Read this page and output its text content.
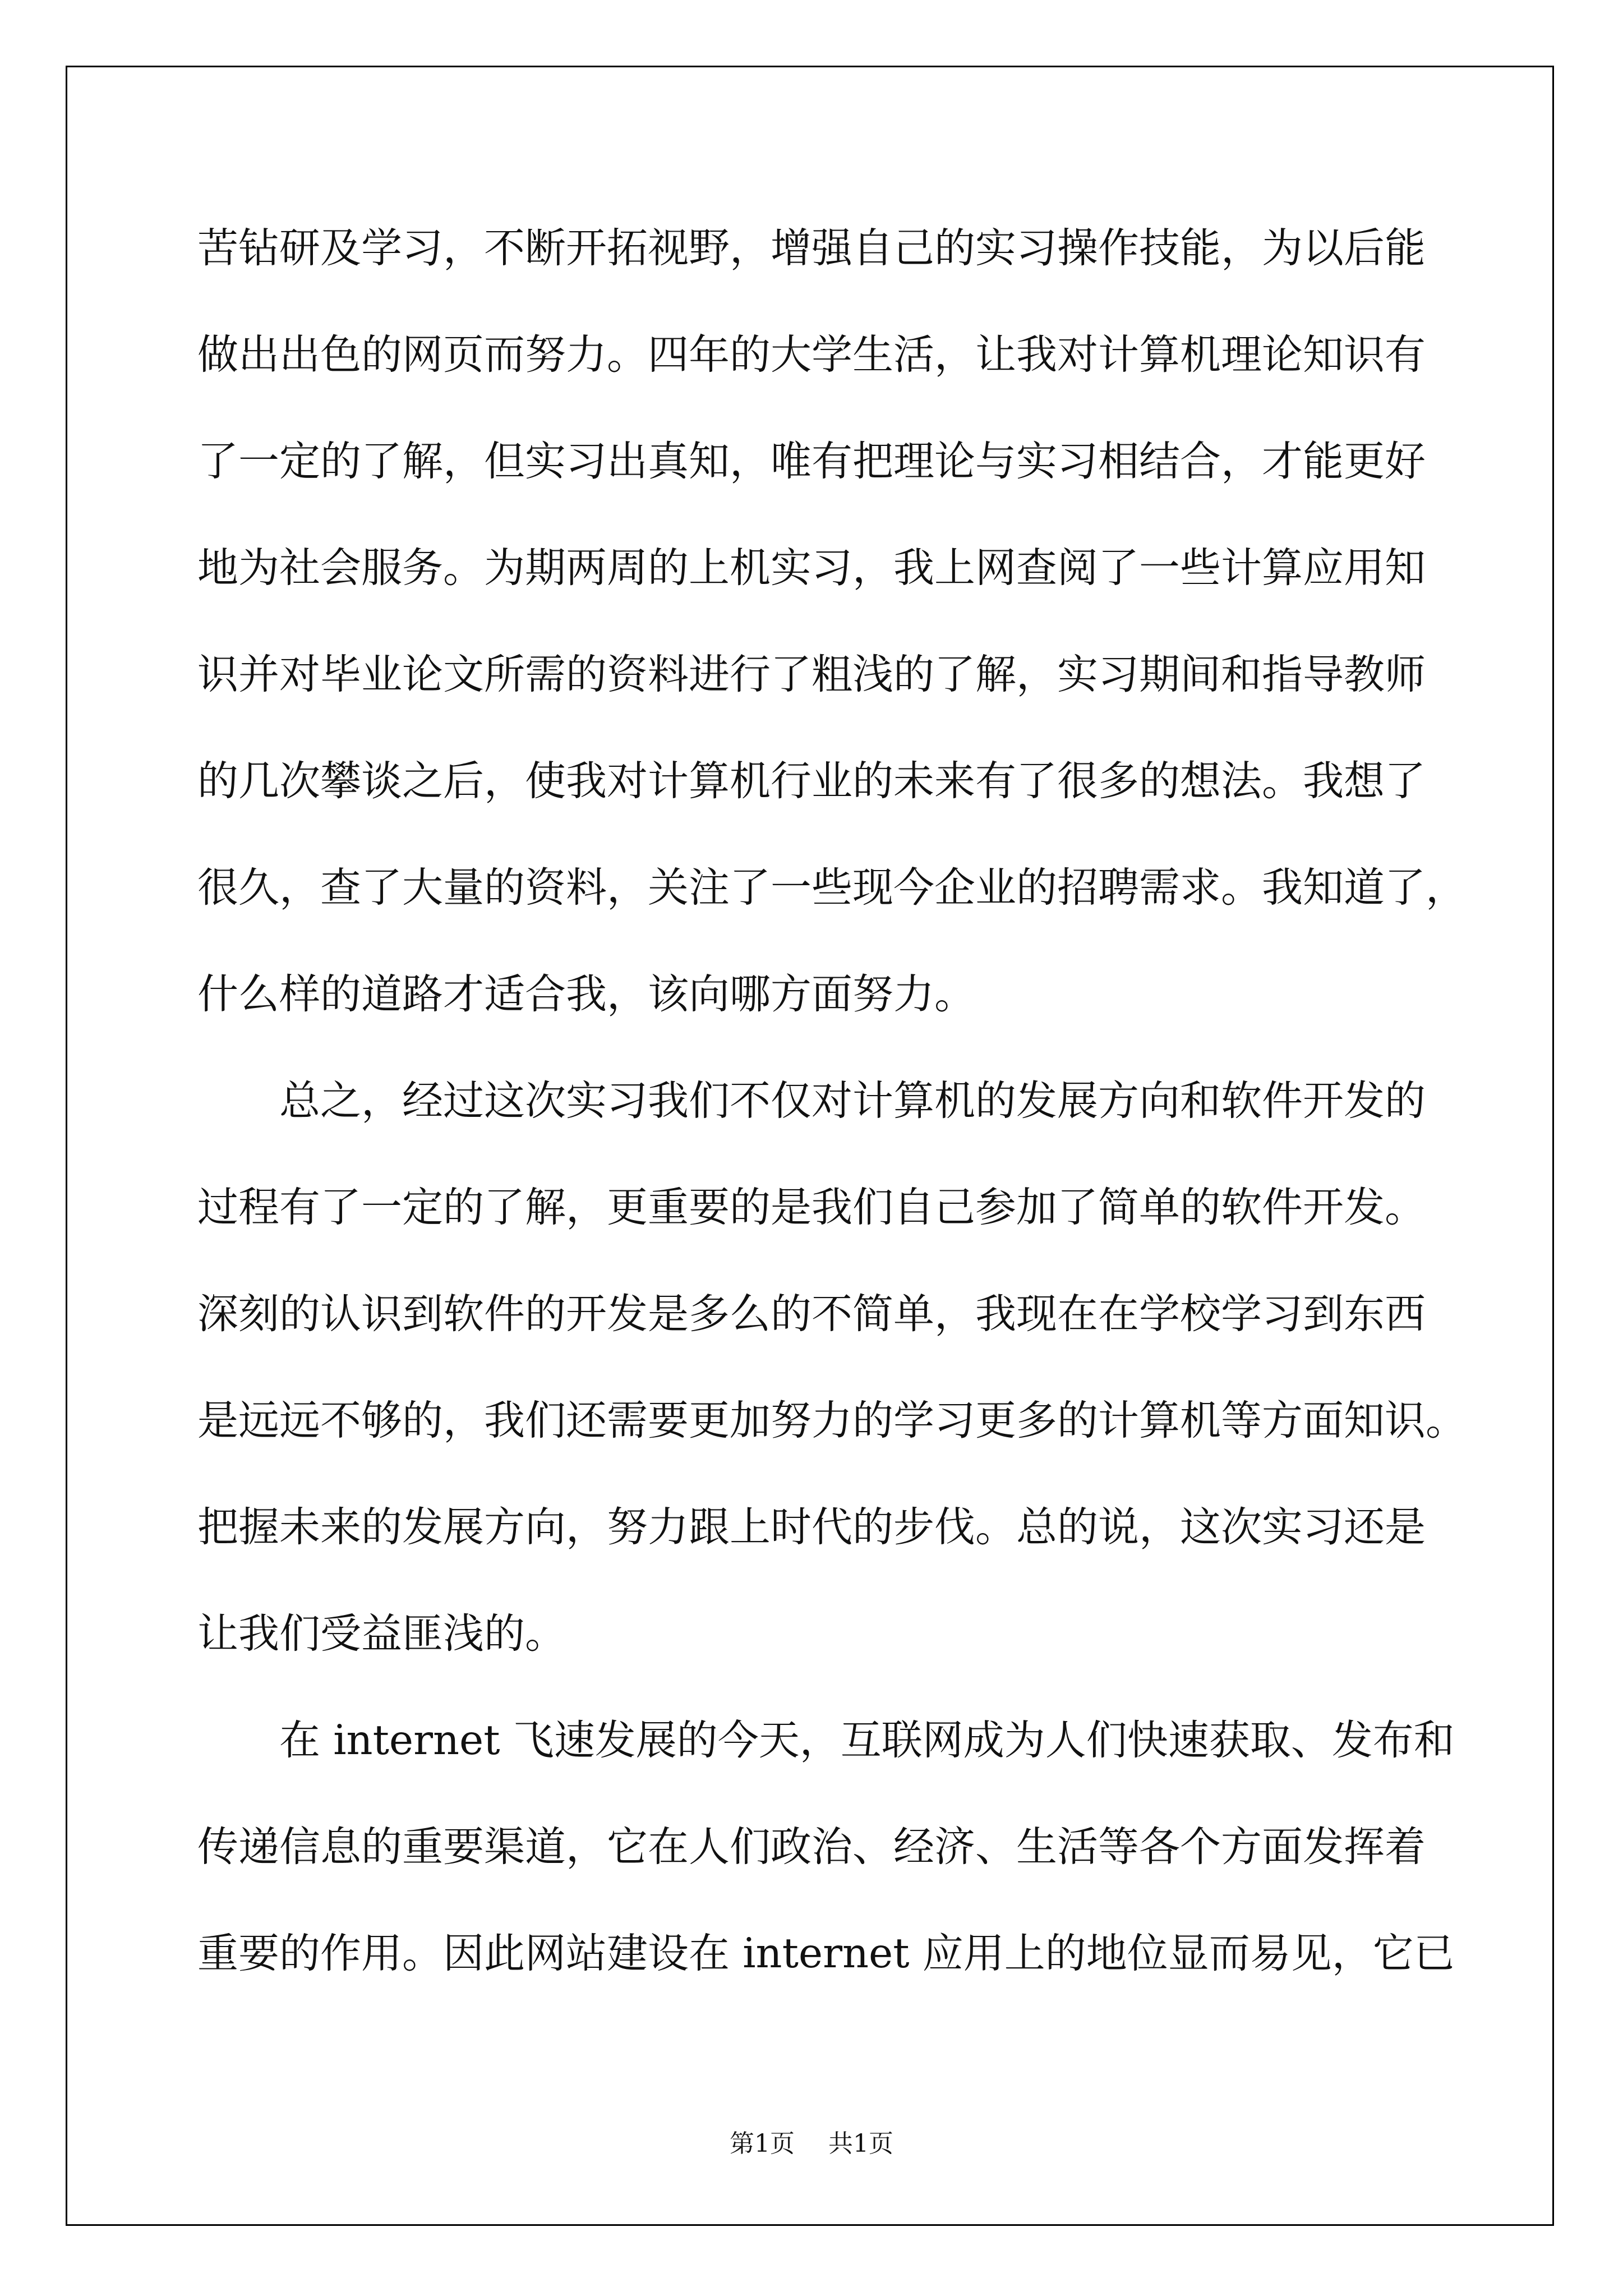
苦钻研及学习，不断开拓视野，增强自己的实习操作技能，为以后能
做出出色的网页而努力。四年的大学生活，让我对计算机理论知识有
了一定的了解，但实习出真知，唯有把理论与实习相结合，才能更好
地为社会服务。为期两周的上机实习，我上网查阅了一些计算应用知
识并对毕业论文所需的资料进行了粗浅的了解，实习期间和指导教师
的几次攀谈之后，使我对计算机行业的未来有了很多的想法。我想了
很久，查了大量的资料，关注了一些现今企业的招聘需求。我知道了，
什么样的道路才适合我，该向哪方面努力。
总之，经过这次实习我们不仅对计算机的发展方向和软件开发的
过程有了一定的了解，更重要的是我们自己参加了简单的软件开发。
深刻的认识到软件的开发是多么的不简单，我现在在学校学习到东西
是远远不够的，我们还需要更加努力的学习更多的计算机等方面知识。
把握未来的发展方向，努力跟上时代的步伐。总的说，这次实习还是
让我们受益匪浅的。
在 internet 飞速发展的今天，互联网成为人们快速获取、发布和
传递信息的重要渠道，它在人们政治、经济、生活等各个方面发挥着
重要的作用。因此网站建设在 internet 应用上的地位显而易见，它已
第1页 共1页
